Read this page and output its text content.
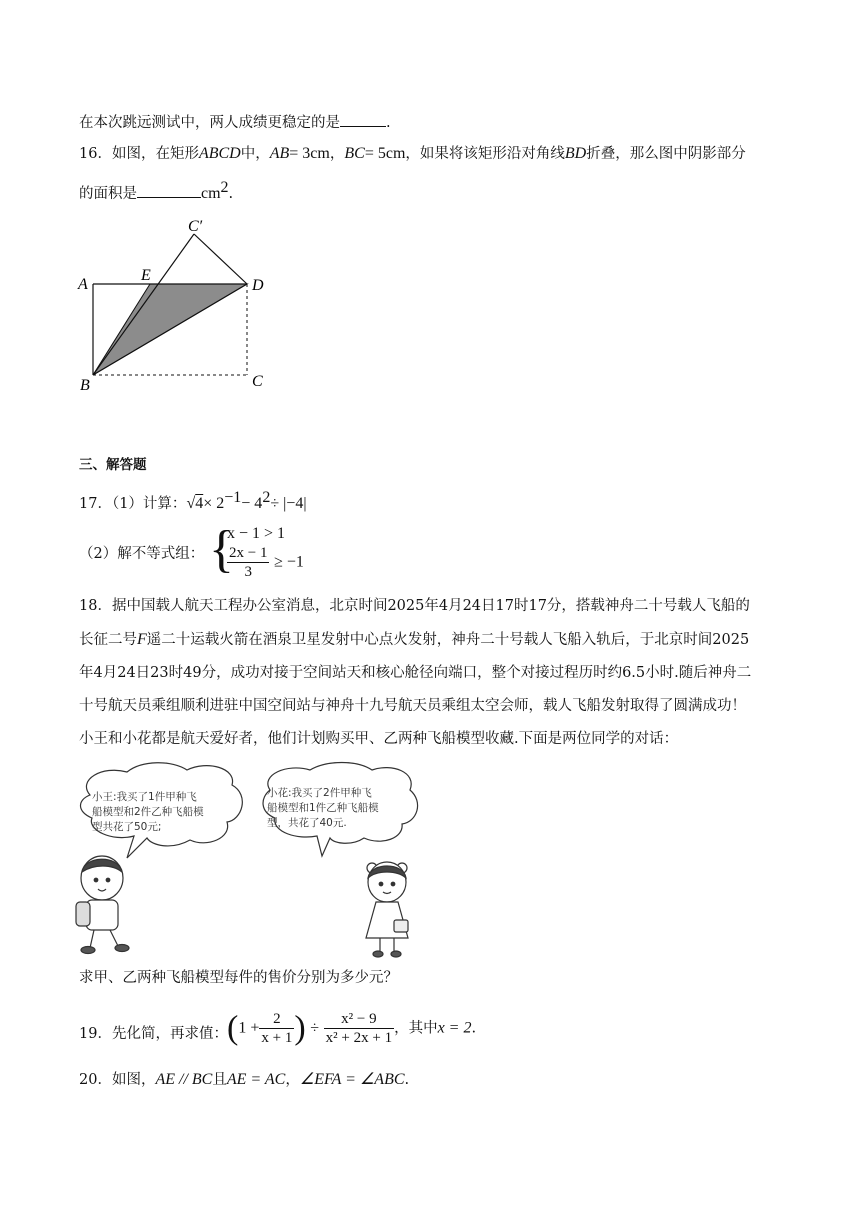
在本次跳远测试中，两人成绩更稳定的是	.
16．如图，在矩形ABCD中，AB= 3cm，BC= 5cm，如果将该矩形沿对角线BD折叠，那么图中阴影部分
的面积是	$cm^2$.
A
E
D
C′
B	C
三、解答题
17．（1）计算：$√4\times 2^{-1}- 4^2\div |-4|$
（2）解不等式组： {
x − 1 > 1
$\frac{2x - 1}{3} \ge -1$
18．据中国载人航天工程办公室消息，北京时间2025年4月24日17时17分，搭载神舟二十号载人飞船的
长征二号F遥二十运载火箭在酒泉卫星发射中心点火发射，神舟二十号载人飞船入轨后，于北京时间2025
年4月24日23时49分，成功对接于空间站天和核心舱径向端口，整个对接过程历时约6.5小时.随后神舟二
十号航天员乘组顺利进驻中国空间站与神舟十九号航天员乘组太空会师，载人飞船发射取得了圆满成功！
小王和小花都是航天爱好者，他们计划购买甲、乙两种飞船模型收藏.下面是两位同学的对话：
小王:我买了1件甲种飞
船模型和2件乙种飞船模
型共花了50元;
小花:我买了2件甲种飞
船模型和1件乙种飞船模
型，共花了40元.
求甲、乙两种飞船模型每件的售价分别为多少元？
19．先化简，再求值： ($1 + \frac{2}{x + 1}$ ) ÷ $\frac{\text{x² − 9}}{\text{x² + 2x + 1}}$ ，其中x = 2.
20．如图，AE // BC且AE = AC，∠EFA = ∠ABC.
